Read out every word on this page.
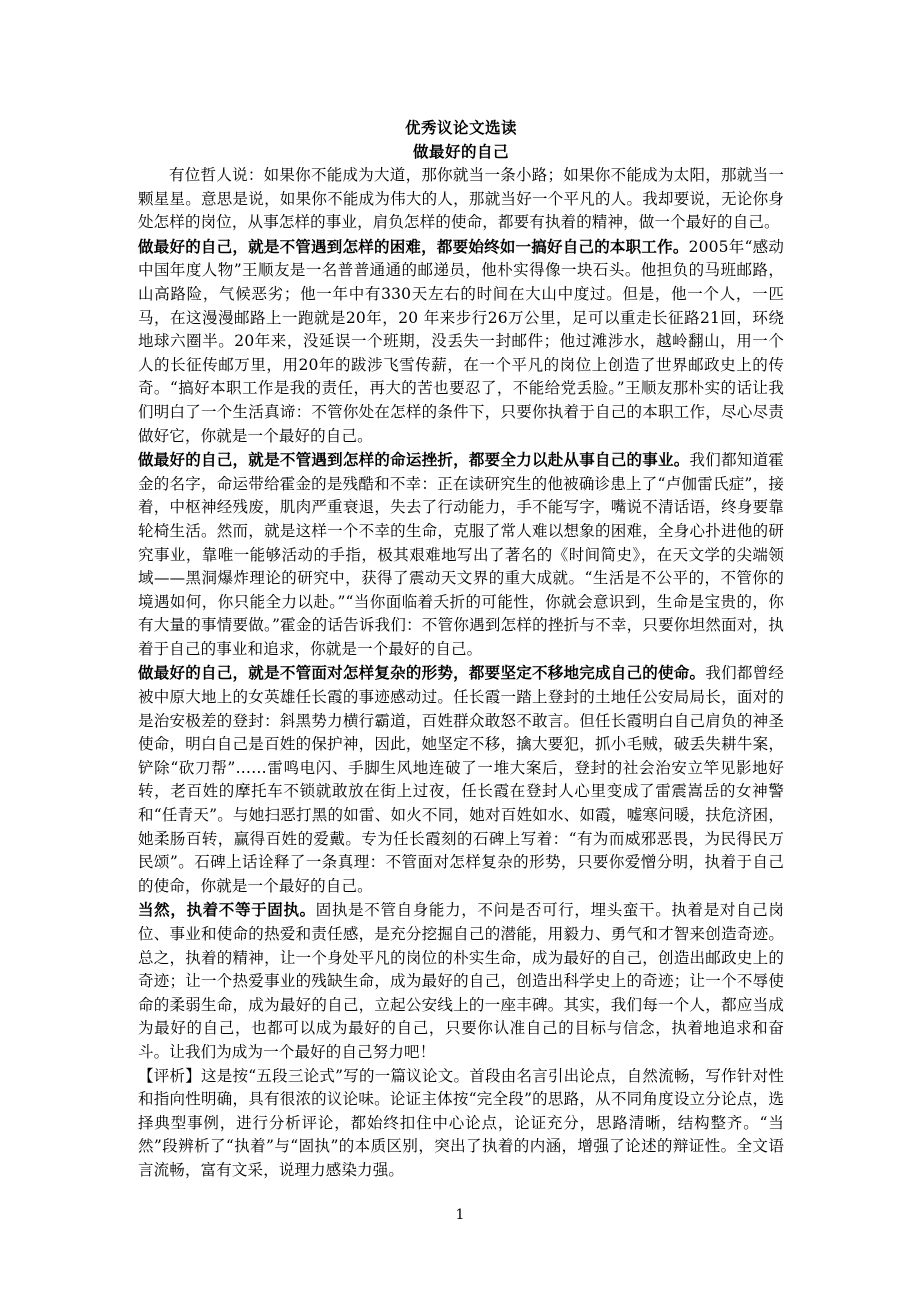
优秀议论文选读
做最好的自己

有位哲人说：如果你不能成为大道，那你就当一条小路；如果你不能成为太阳，那就当一颗星星。意思是说，如果你不能成为伟大的人，那就当好一个平凡的人。我却要说，无论你身处怎样的岗位，从事怎样的事业，肩负怎样的使命，都要有执着的精神，做一个最好的自己。

做最好的自己，就是不管遇到怎样的困难，都要始终如一搞好自己的本职工作。2005年“感动中国年度人物”王顺友是一名普普通通的邮递员，他朴实得像一块石头。他担负的马班邮路，山高路险，气候恶劣；他一年中有330天左右的时间在大山中度过。但是，他一个人，一匹马，在这漫漫邮路上一跑就是20年，20 年来步行26万公里，足可以重走长征路21回，环绕地球六圈半。20年来，没延误一个班期，没丢失一封邮件；他过滩涉水，越岭翻山，用一个人的长征传邮万里，用20年的跋涉飞雪传薪，在一个平凡的岗位上创造了世界邮政史上的传奇。“搞好本职工作是我的责任，再大的苦也要忍了，不能给党丢脸。”王顺友那朴实的话让我们明白了一个生活真谛：不管你处在怎样的条件下，只要你执着于自己的本职工作，尽心尽责做好它，你就是一个最好的自己。

做最好的自己，就是不管遇到怎样的命运挫折，都要全力以赴从事自己的事业。我们都知道霍金的名字，命运带给霍金的是残酷和不幸：正在读研究生的他被确诊患上了“卢伽雷氏症”，接着，中枢神经残废，肌肉严重衰退，失去了行动能力，手不能写字，嘴说不清话语，终身要靠轮椅生活。然而，就是这样一个不幸的生命，克服了常人难以想象的困难，全身心扑进他的研究事业，靠唯一能够活动的手指，极其艰难地写出了著名的《时间简史》，在天文学的尖端领域——黑洞爆炸理论的研究中，获得了震动天文界的重大成就。“生活是不公平的，不管你的境遇如何，你只能全力以赴。”“当你面临着夭折的可能性，你就会意识到，生命是宝贵的，你有大量的事情要做。”霍金的话告诉我们：不管你遇到怎样的挫折与不幸，只要你坦然面对，执着于自己的事业和追求，你就是一个最好的自己。

做最好的自己，就是不管面对怎样复杂的形势，都要坚定不移地完成自己的使命。我们都曾经被中原大地上的女英雄任长霞的事迹感动过。任长霞一踏上登封的土地任公安局局长，面对的是治安极差的登封：斜黑势力横行霸道，百姓群众敢怒不敢言。但任长霞明白自己肩负的神圣使命，明白自己是百姓的保护神，因此，她坚定不移，擒大要犯，抓小毛贼，破丢失耕牛案，铲除“砍刀帮”……雷鸣电闪、手脚生风地连破了一堆大案后，登封的社会治安立竿见影地好转，老百姓的摩托车不锁就敢放在街上过夜，任长霞在登封人心里变成了雷震嵩岳的女神警和“任青天”。与她扫恶打黑的如雷、如火不同，她对百姓如水、如霞，嘘寒问暖，扶危济困，她柔肠百转，赢得百姓的爱戴。专为任长霞刻的石碑上写着：“有为而威邪恶畏，为民得民万民颂”。石碑上话诠释了一条真理：不管面对怎样复杂的形势，只要你爱憎分明，执着于自己的使命，你就是一个最好的自己。

当然，执着不等于固执。固执是不管自身能力，不问是否可行，埋头蛮干。执着是对自己岗位、事业和使命的热爱和责任感，是充分挖掘自己的潜能，用毅力、勇气和才智来创造奇迹。总之，执着的精神，让一个身处平凡的岗位的朴实生命，成为最好的自己，创造出邮政史上的奇迹；让一个热爱事业的残缺生命，成为最好的自己，创造出科学史上的奇迹；让一个不辱使命的柔弱生命，成为最好的自己，立起公安线上的一座丰碑。其实，我们每一个人，都应当成为最好的自己，也都可以成为最好的自己，只要你认准自己的目标与信念，执着地追求和奋斗。让我们为成为一个最好的自己努力吧！

【评析】这是按“五段三论式”写的一篇议论文。首段由名言引出论点，自然流畅，写作针对性和指向性明确，具有很浓的议论味。论证主体按“完全段”的思路，从不同角度设立分论点，选择典型事例，进行分析评论，都始终扣住中心论点，论证充分，思路清晰，结构整齐。“当然”段辨析了“执着”与“固执”的本质区别，突出了执着的内涵，增强了论述的辩证性。全文语言流畅，富有文采，说理力感染力强。

1
